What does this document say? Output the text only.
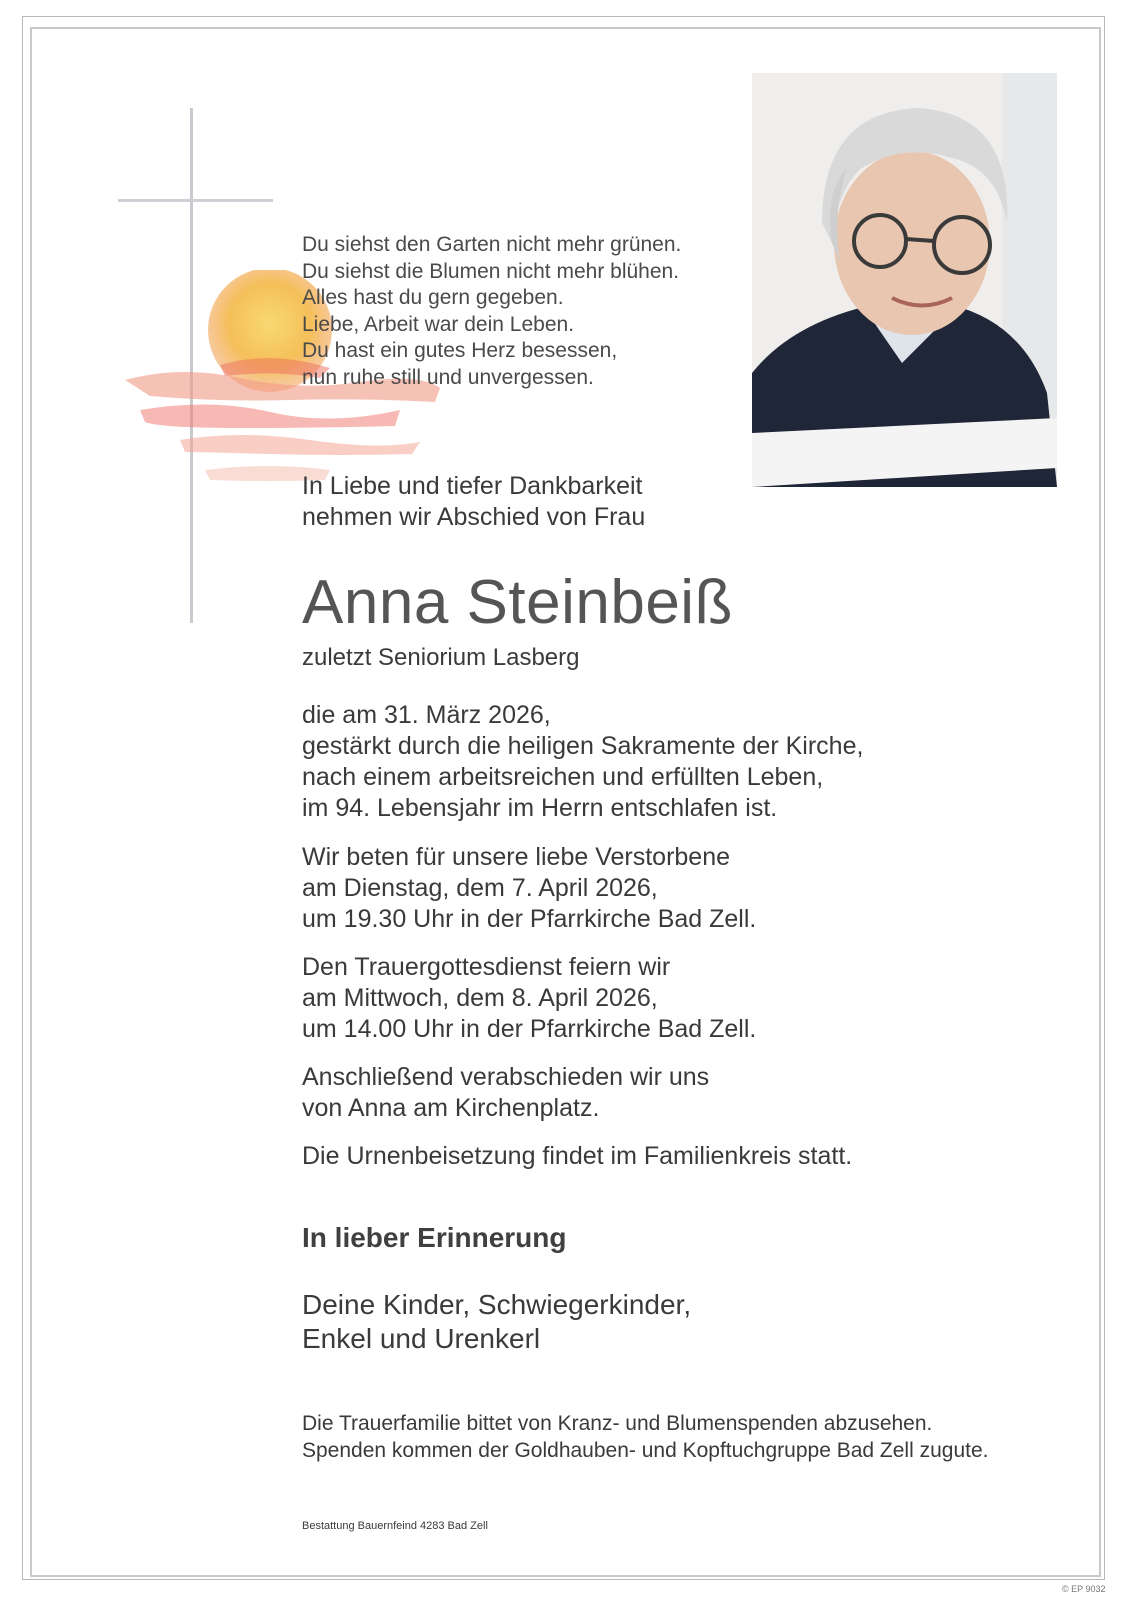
Du siehst den Garten nicht mehr grünen.
Du siehst die Blumen nicht mehr blühen.
Alles hast du gern gegeben.
Liebe, Arbeit war dein Leben.
Du hast ein gutes Herz besessen,
nun ruhe still und unvergessen.
In Liebe und tiefer Dankbarkeit
nehmen wir Abschied von Frau
Anna Steinbeiß
zuletzt Seniorium Lasberg
die am 31. März 2026,
gestärkt durch die heiligen Sakramente der Kirche,
nach einem arbeitsreichen und erfüllten Leben,
im 94. Lebensjahr im Herrn entschlafen ist.
Wir beten für unsere liebe Verstorbene
am Dienstag, dem 7. April 2026,
um 19.30 Uhr in der Pfarrkirche Bad Zell.
Den Trauergottesdienst feiern wir
am Mittwoch, dem 8. April 2026,
um 14.00 Uhr in der Pfarrkirche Bad Zell.
Anschließend verabschieden wir uns
von Anna am Kirchenplatz.
Die Urnenbeisetzung findet im Familienkreis statt.
In lieber Erinnerung
Deine Kinder, Schwiegerkinder,
Enkel und Urenkerl
Die Trauerfamilie bittet von Kranz- und Blumenspenden abzusehen.
Spenden kommen der Goldhauben- und Kopftuchgruppe Bad Zell zugute.
Bestattung Bauernfeind 4283 Bad Zell
© EP 9032
